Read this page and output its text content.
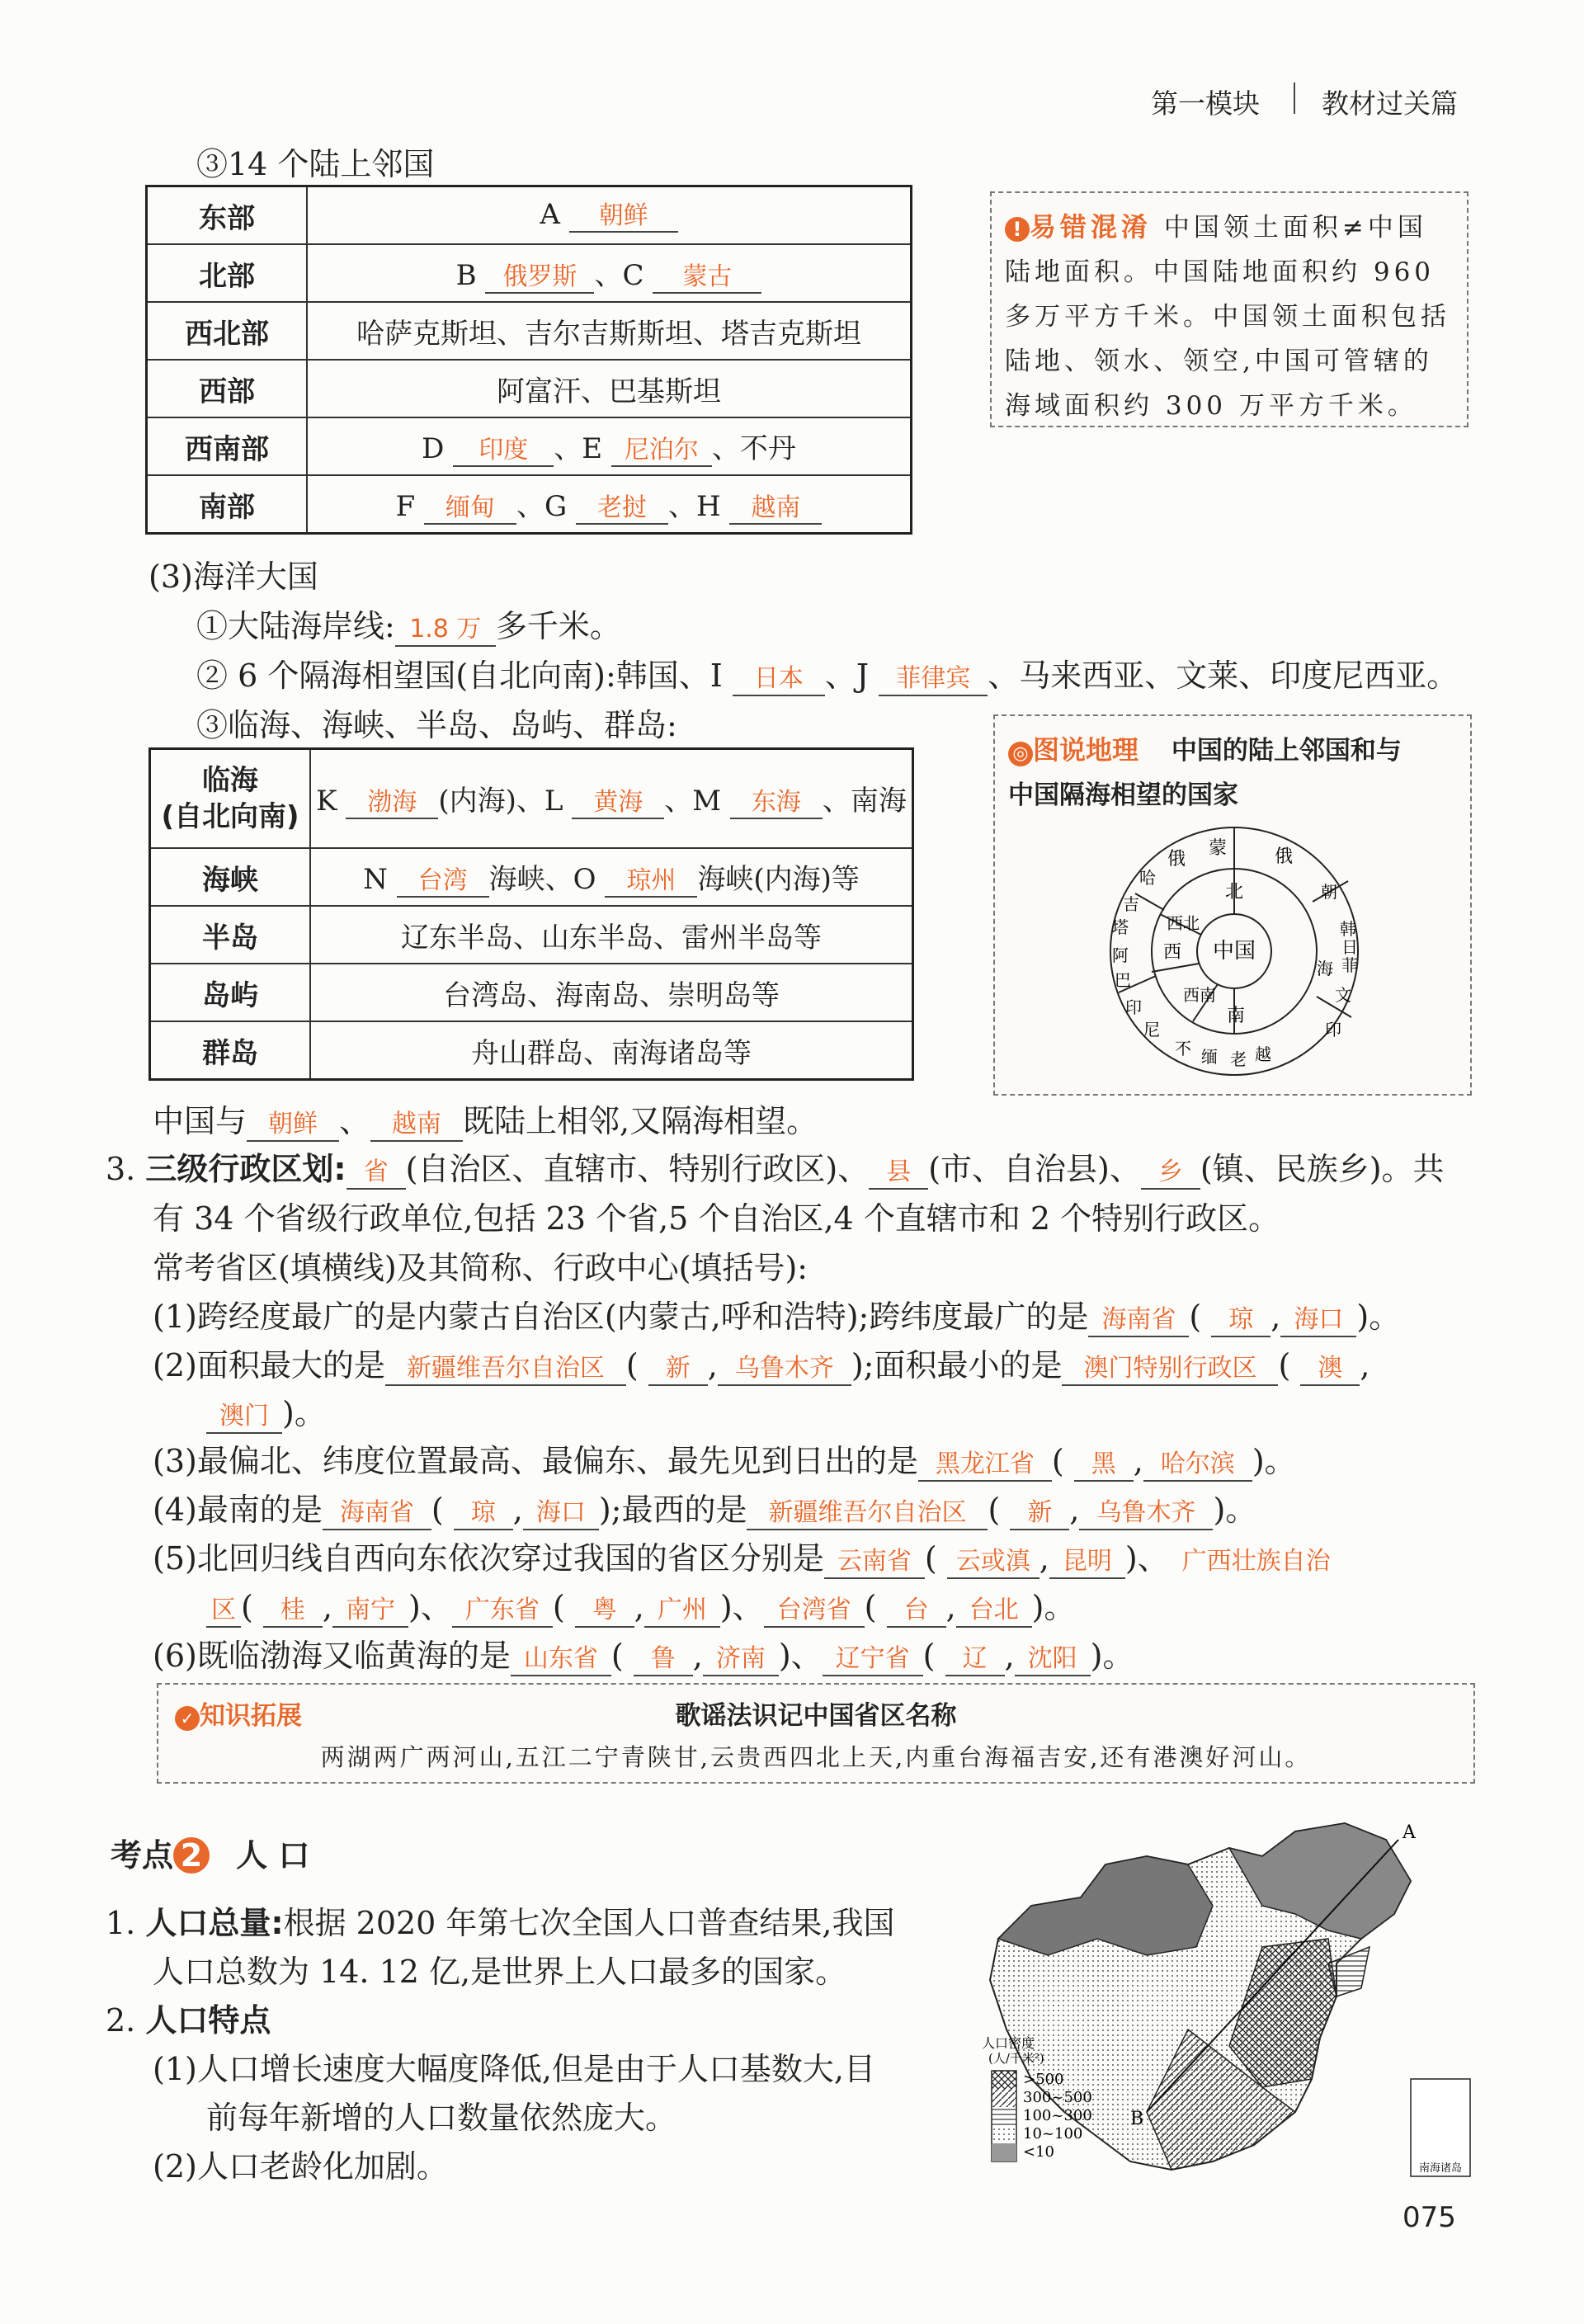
第一模块 教材过关篇
③14 个陆上邻国
东部	A 朝鲜
北部	B 俄罗斯 、C 蒙古
西北部	哈萨克斯坦、吉尔吉斯斯坦、塔吉克斯坦
西部	阿富汗、巴基斯坦
西南部	D 印度 、E 尼泊尔 、不丹
南部	F 缅甸 、G 老挝 、H 越南
! 易错混淆 中国领土面积≠中国陆地面积。中国陆地面积约 960 多万平方千米。中国领土面积包括陆地、领水、领空,中国可管辖的海域面积约 300 万平方千米。
(3)海洋大国
①大陆海岸线: 1.8 万 多千米。
② 6 个隔海相望国(自北向南):韩国、I 日本 、J 菲律宾 、马来西亚、文莱、印度尼西亚。
③临海、海峡、半岛、岛屿、群岛:
临海
(自北向南)	K 渤海 (内海)、L 黄海 、M 东海 、南海
海峡	N 台湾 海峡、O 琼州 海峡(内海)等
半岛	辽东半岛、山东半岛、雷州半岛等
岛屿	台湾岛、海南岛、崇明岛等
群岛	舟山群岛、南海诸岛等
◎ 图说地理 中国的陆上邻国和与
中国隔海相望的国家
中国
北
西北
西
西南
南
蒙
俄	俄
朝
韩
日
菲
海
文
印
越
老
缅
不
尼
印
巴
阿
塔
吉
哈
中国与 朝鲜 、 越南 既陆上相邻,又隔海相望。
3. 三级行政区划: 省 (自治区、直辖市、特别行政区)、 县 (市、自治县)、 乡 (镇、民族乡)。共
有 34 个省级行政单位,包括 23 个省,5 个自治区,4 个直辖市和 2 个特别行政区。
常考省区(填横线)及其简称、行政中心(填括号):
(1)跨经度最广的是内蒙古自治区(内蒙古,呼和浩特);跨纬度最广的是 海南省 ( 琼 , 海口 )。
(2)面积最大的是 新疆维吾尔自治区 ( 新 , 乌鲁木齐 );面积最小的是 澳门特别行政区 ( 澳 ,
澳门 )。
(3)最偏北、纬度位置最高、最偏东、最先见到日出的是 黑龙江省 ( 黑 , 哈尔滨 )。
(4)最南的是 海南省 ( 琼 , 海口 );最西的是 新疆维吾尔自治区 ( 新 , 乌鲁木齐 )。
(5)北回归线自西向东依次穿过我国的省区分别是 云南省 ( 云或滇 , 昆明 )、 广西壮族自治
区 ( 桂 , 南宁 )、 广东省 ( 粤 , 广州 )、 台湾省 ( 台 , 台北 )。
(6)既临渤海又临黄海的是 山东省 ( 鲁 , 济南 )、 辽宁省 ( 辽 , 沈阳 )。
✓ 知识拓展	歌谣法识记中国省区名称
两湖两广两河山,五江二宁青陕甘,云贵西四北上天,内重台海福吉安,还有港澳好河山。
考点 2 人 口
1. 人口总量:根据 2020 年第七次全国人口普查结果,我国
人口总数为 14. 12 亿,是世界上人口最多的国家。
2. 人口特点
(1)人口增长速度大幅度降低,但是由于人口基数大,目
前每年新增的人口数量依然庞大。
(2)人口老龄化加剧。
A
B
人口密度
(人/千米²)
>500
300~500
100~300
10~100
<10
南海诸岛
075
